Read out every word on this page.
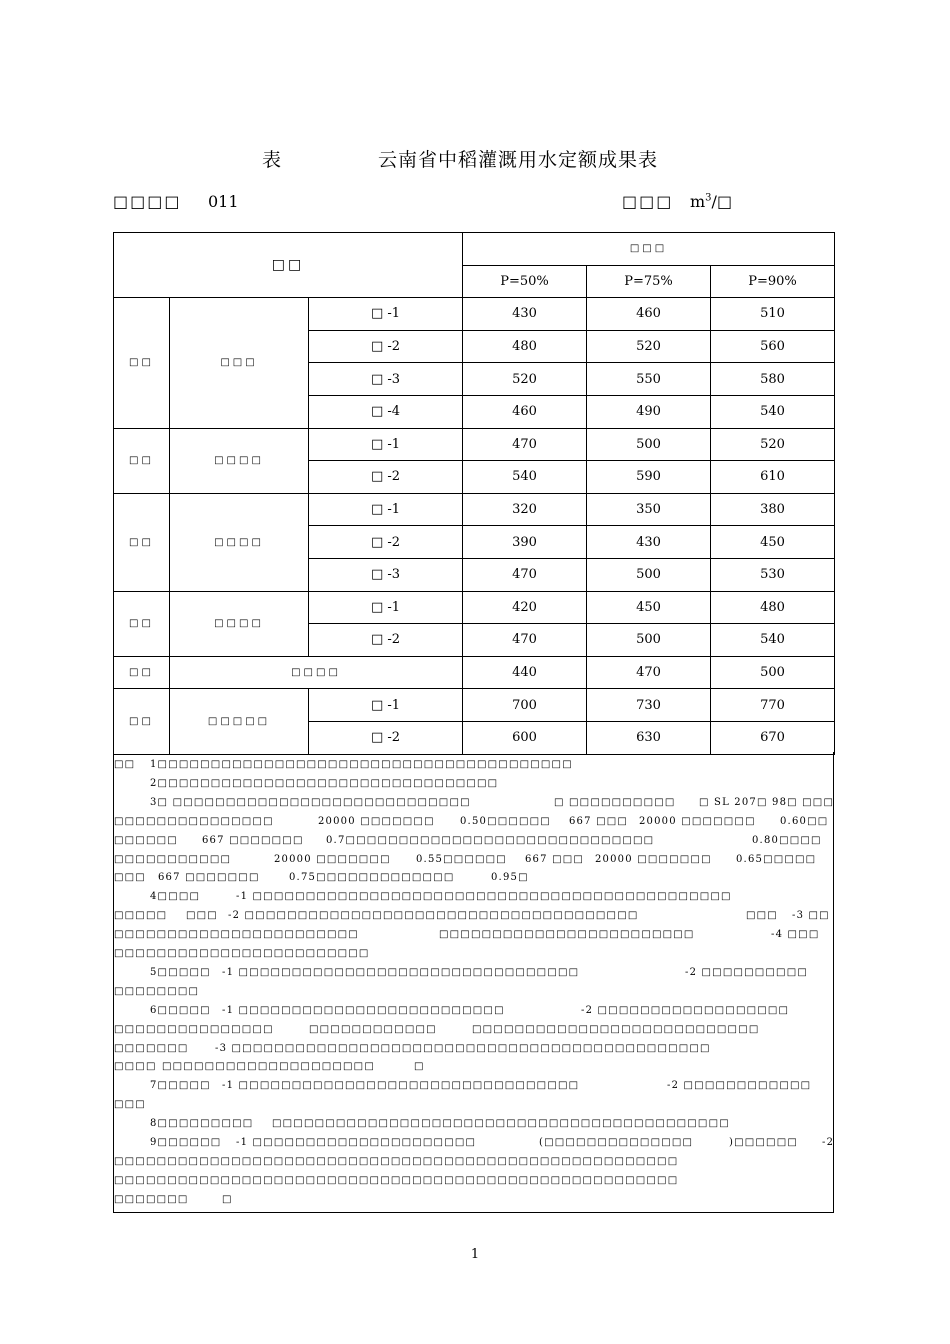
表	云南省中稻灌溉用水定额成果表
□□□□ 011	□□□ $m^3/□$
□□			□□□		
			P=50%	P=75%	P=90%
□□	□□□	□ -1	430	460	510
		□ -2	480	520	560
		□ -3	520	550	580
		□ -4	460	490	540
□□	□□□□	□ -1	470	500	520
		□ -2	540	590	610
□□	□□□□	□ -1	320	350	380
		□ -2	390	430	450
		□ -3	470	500	530
□□	□□□□	□ -1	420	450	480
		□ -2	470	500	540
□□	□□□□		440	470	500
□□	□□□□□	□ -1	700	730	770
		□ -2	600	630	670
□□ 1□□□□□□□□□□□□□□□□□□□□□□□□□□□□□□□□□□□□□□□
2□□□□□□□□□□□□□□□□□□□□□□□□□□□□□□□□
3□ □□□□□□□□□□□□□□□□□□□□□□□□□□□□	□ □□□□□□□□□□ □ SL 207□ 98□ □□□
□□□□□□□□□□□□□□□	20000 □□□□□□□	0.50□□□□□□ 667 □□□ 20000 □□□□□□□ 0.60□□
□□□□□□ 667 □□□□□□□ 0.7□□□□□□□□□□□□□□□□□□□□□□□□□□□□□	0.80□□□□
□□□□□□□□□□□	20000 □□□□□□□	0.55□□□□□□ 667 □□□ 20000 □□□□□□□ 0.65□□□□□
□□□ 667 □□□□□□□	0.75□□□□□□□□□□□□□	0.95□
4□□□□	-1 □□□□□□□□□□□□□□□□□□□□□□□□□□□□□□□□□□□□□□□□□□□□□
□□□□□ □□□ -2 □□□□□□□□□□□□□□□□□□□□□□□□□□□□□□□□□□□□□	□□□ -3 □□
□□□□□□□□□□□□□□□□□□□□□□□	□□□□□□□□□□□□□□□□□□□□□□□□	-4 □□□
□□□□□□□□□□□□□□□□□□□□□□□□
5□□□□□ -1 □□□□□□□□□□□□□□□□□□□□□□□□□□□□□□□□	-2 □□□□□□□□□□
□□□□□□□□
6□□□□□ -1 □□□□□□□□□□□□□□□□□□□□□□□□□	-2 □□□□□□□□□□□□□□□□□□
□□□□□□□□□□□□□□□	□□□□□□□□□□□□	□□□□□□□□□□□□□□□□□□□□□□□□□□□
□□□□□□□	-3 □□□□□□□□□□□□□□□□□□□□□□□□□□□□□□□□□□□□□□□□□□□□□
□□□□ □□□□□□□□□□□□□□□□□□□□	□
7□□□□□ -1 □□□□□□□□□□□□□□□□□□□□□□□□□□□□□□□□	-2 □□□□□□□□□□□□
□□□
8□□□□□□□□□ □□□□□□□□□□□□□□□□□□□□□□□□□□□□□□□□□□□□□□□□□□□
9□□□□□□ -1 □□□□□□□□□□□□□□□□□□□□□	(□□□□□□□□□□□□□□	)□□□□□□ -2
□□□□□□□□□□□□□□□□□□□□□□□□□□□□□□□□□□□□□□□□□□□□□□□□□□□□□
□□□□□□□□□□□□□□□□□□□□□□□□□□□□□□□□□□□□□□□□□□□□□□□□□□□□□
□□□□□□□	□
1
